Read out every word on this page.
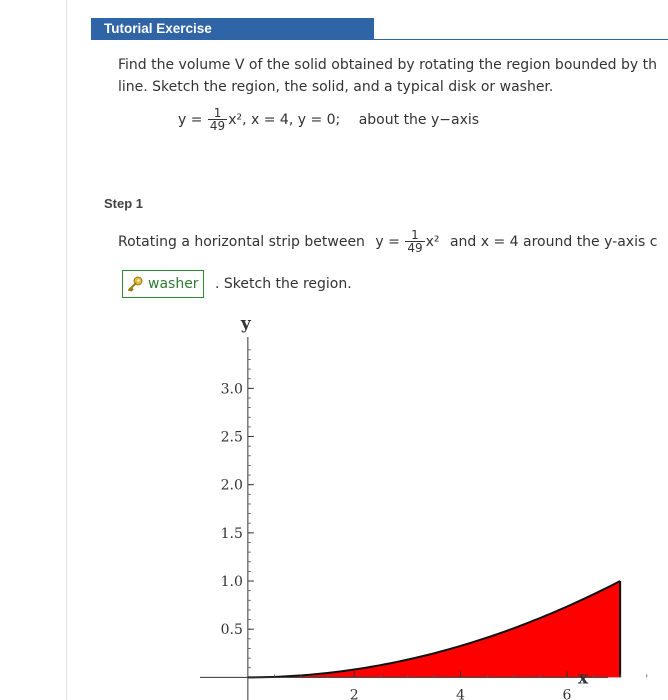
Tutorial Exercise
Find the volume V of the solid obtained by rotating the region bounded by th
line. Sketch the region, the solid, and a typical disk or washer.
$y = \frac{1}{49} x^2$, x = 4, y = 0; about the y−axis
Step 1
Rotating a horizontal strip between $y = \frac{1}{49} x^2$ and x = 4 around the y-axis c
washer . Sketch the region.
0.5
1.0
1.5
2.0
2.5
3.0
2	4	6
y
x
